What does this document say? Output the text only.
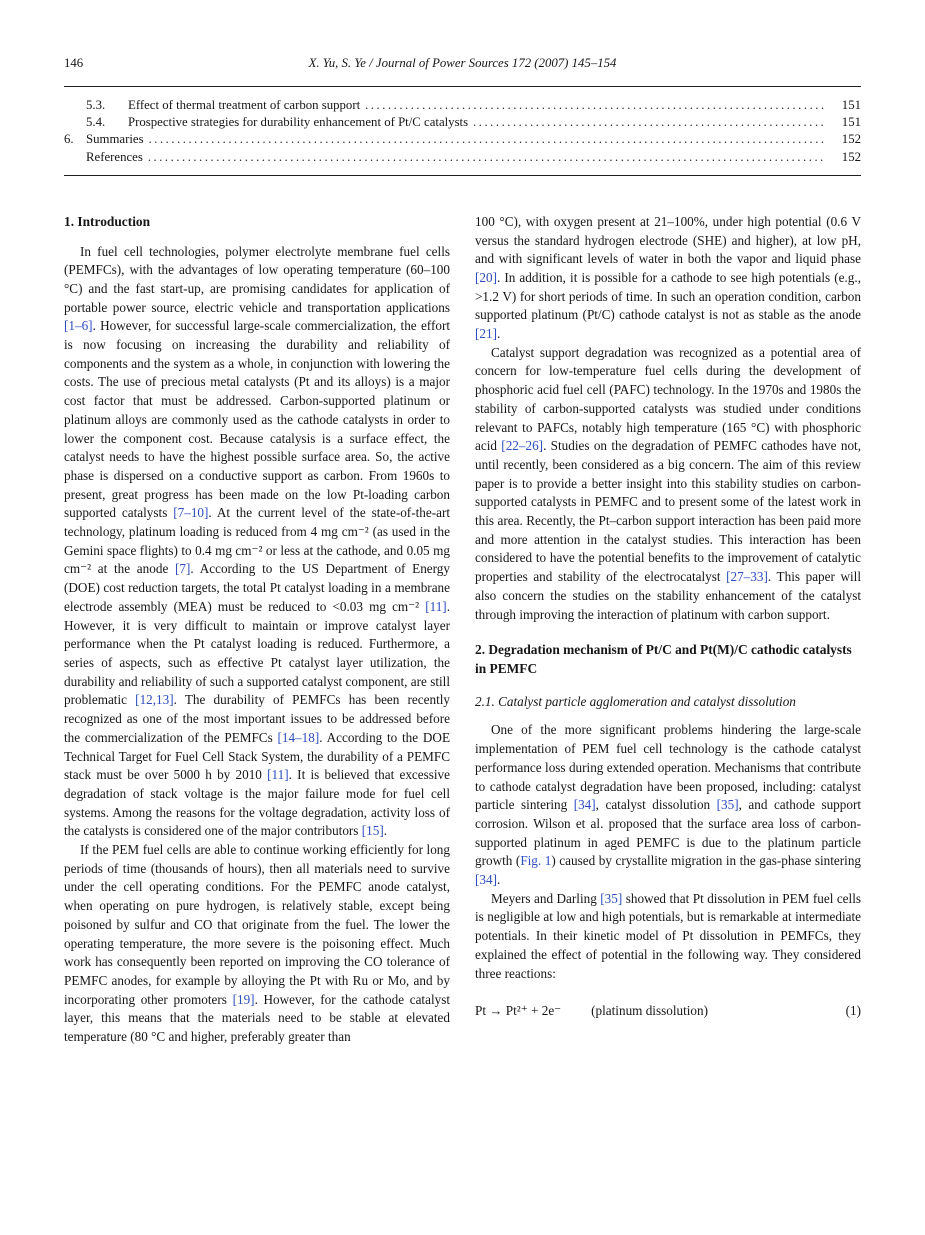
146	X. Yu, S. Ye / Journal of Power Sources 172 (2007) 145–154
5.3.	Effect of thermal treatment of carbon support .....	151
5.4.	Prospective strategies for durability enhancement of Pt/C catalysts .....	151
6. Summaries .....	152
References .....	152
1. Introduction

In fuel cell technologies, polymer electrolyte membrane fuel cells (PEMFCs), with the advantages of low operating temperature (60–100 °C) and the fast start-up, are promising candidates for application of portable power source, electric vehicle and transportation applications [1–6]. However, for successful large-scale commercialization, the effort is now focusing on increasing the durability and reliability of components and the system as a whole, in conjunction with lowering the costs. The use of precious metal catalysts (Pt and its alloys) is a major cost factor that must be addressed. Carbon-supported platinum or platinum alloys are commonly used as the cathode catalysts in order to lower the component cost. Because catalysis is a surface effect, the catalyst needs to have the highest possible surface area. So, the active phase is dispersed on a conductive support as carbon. From 1960s to present, great progress has been made on the low Pt-loading carbon supported catalysts [7–10]. At the current level of the state-of-the-art technology, platinum loading is reduced from 4 mg cm⁻² (as used in the Gemini space flights) to 0.4 mg cm⁻² or less at the cathode, and 0.05 mg cm⁻² at the anode [7]. According to the US Department of Energy (DOE) cost reduction targets, the total Pt catalyst loading in a membrane electrode assembly (MEA) must be reduced to <0.03 mg cm⁻² [11]. However, it is very difficult to maintain or improve catalyst layer performance when the Pt catalyst loading is reduced. Furthermore, a series of aspects, such as effective Pt catalyst layer utilization, the durability and reliability of such a supported catalyst component, are still problematic [12,13]. The durability of PEMFCs has been recently recognized as one of the most important issues to be addressed before the commercialization of the PEMFCs [14–18]. According to the DOE Technical Target for Fuel Cell Stack System, the durability of a PEMFC stack must be over 5000 h by 2010 [11]. It is believed that excessive degradation of stack voltage is the major failure mode for fuel cell systems. Among the reasons for the voltage degradation, activity loss of the catalysts is considered one of the major contributors [15].

If the PEM fuel cells are able to continue working efficiently for long periods of time (thousands of hours), then all materials need to survive under the cell operating conditions. For the PEMFC anode catalyst, when operating on pure hydrogen, is relatively stable, except being poisoned by sulfur and CO that originate from the fuel. The lower the operating temperature, the more severe is the poisoning effect. Much work has consequently been reported on improving the CO tolerance of PEMFC anodes, for example by alloying the Pt with Ru or Mo, and by incorporating other promoters [19]. However, for the cathode catalyst layer, this means that the materials need to be stable at elevated temperature (80 °C and higher, preferably greater than

100 °C), with oxygen present at 21–100%, under high potential (0.6 V versus the standard hydrogen electrode (SHE) and higher), at low pH, and with significant levels of water in both the vapor and liquid phase [20]. In addition, it is possible for a cathode to see high potentials (e.g., >1.2 V) for short periods of time. In such an operation condition, carbon supported platinum (Pt/C) cathode catalyst is not as stable as the anode [21].

Catalyst support degradation was recognized as a potential area of concern for low-temperature fuel cells during the development of phosphoric acid fuel cell (PAFC) technology. In the 1970s and 1980s the stability of carbon-supported catalysts was studied under conditions relevant to PAFCs, notably high temperature (165 °C) with phosphoric acid [22–26]. Studies on the degradation of PEMFC cathodes have not, until recently, been considered as a big concern. The aim of this review paper is to provide a better insight into this stability studies on carbon-supported catalysts in PEMFC and to present some of the latest work in this area. Recently, the Pt–carbon support interaction has been paid more and more attention in the catalyst studies. This interaction has been considered to have the potential benefits to the improvement of catalytic properties and stability of the electrocatalyst [27–33]. This paper will also concern the studies on the stability enhancement of the catalyst through improving the interaction of platinum with carbon support.

2. Degradation mechanism of Pt/C and Pt(M)/C cathodic catalysts in PEMFC
2.1. Catalyst particle agglomeration and catalyst dissolution

One of the more significant problems hindering the large-scale implementation of PEM fuel cell technology is the cathode catalyst performance loss during extended operation. Mechanisms that contribute to cathode catalyst degradation have been proposed, including: catalyst particle sintering [34], catalyst dissolution [35], and cathode support corrosion. Wilson et al. proposed that the surface area loss of carbon-supported platinum in aged PEMFC is due to the platinum particle growth (Fig. 1) caused by crystallite migration in the gas-phase sintering [34].

Meyers and Darling [35] showed that Pt dissolution in PEM fuel cells is negligible at low and high potentials, but is remarkable at intermediate potentials. In their kinetic model of Pt dissolution in PEMFCs, they explained the effect of potential in the following way. They considered three reactions:

Pt → Pt²⁺ + 2e⁻ (platinum dissolution)	(1)
